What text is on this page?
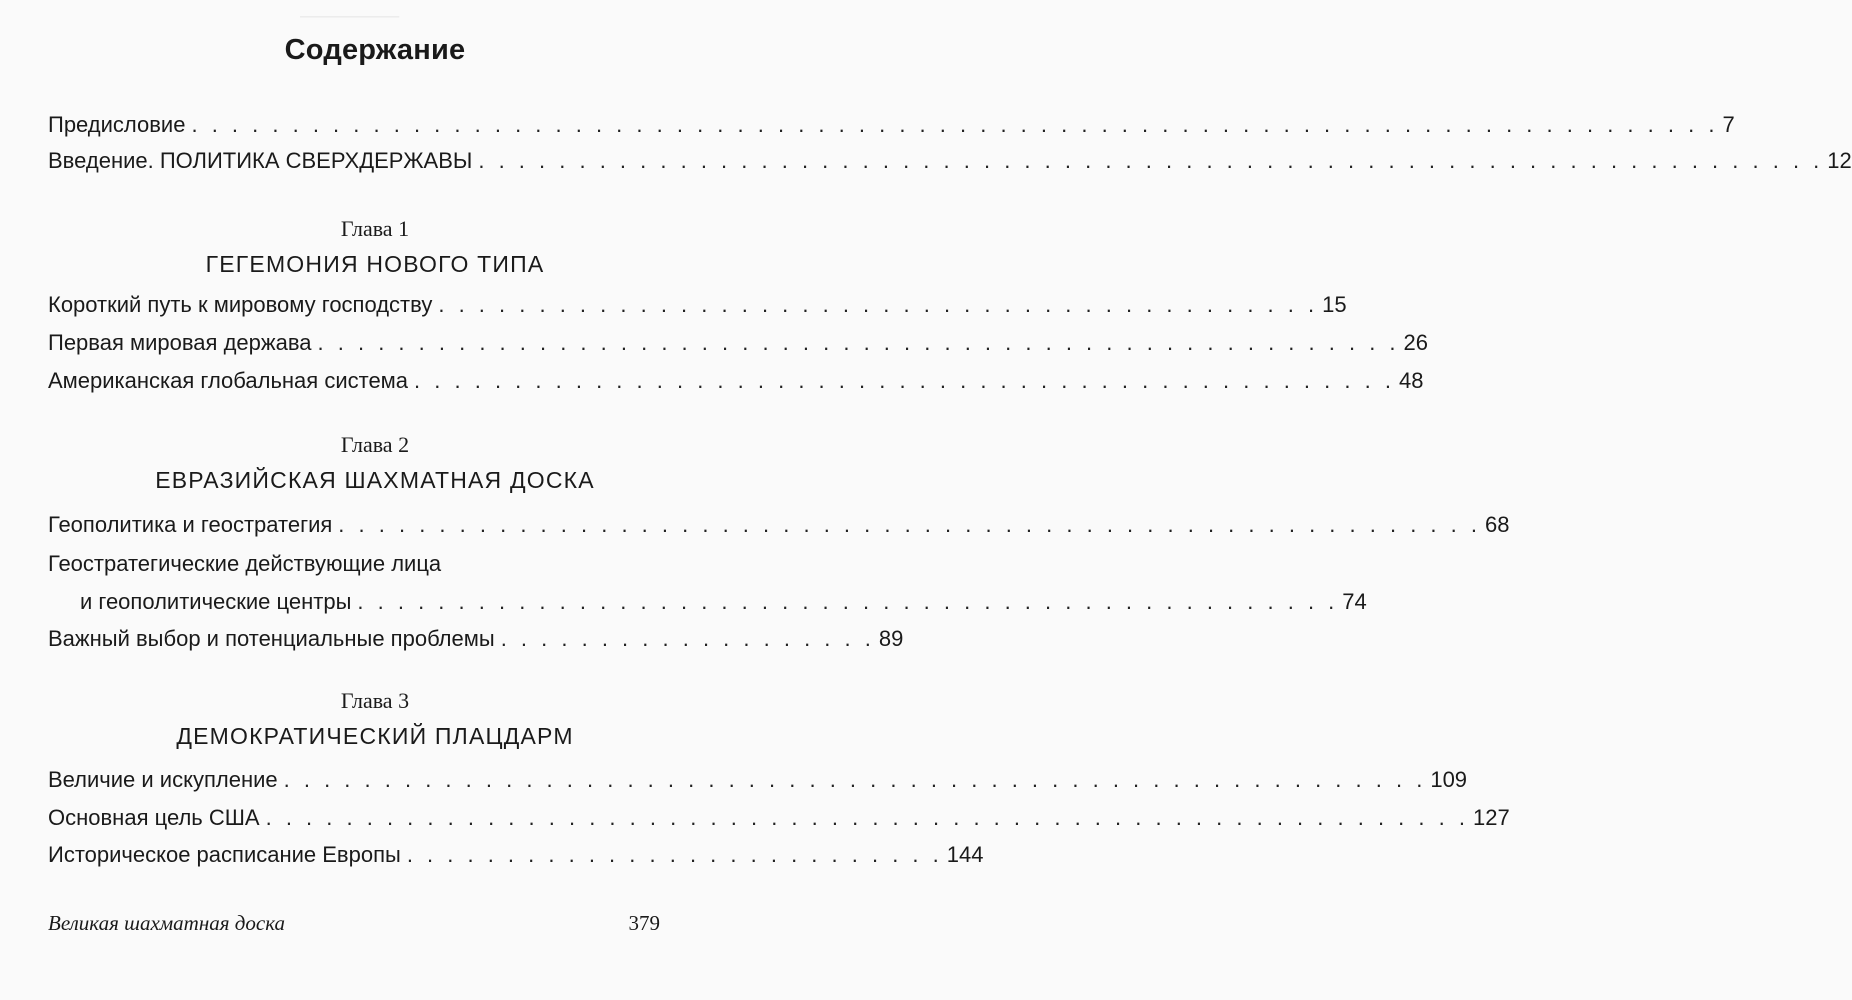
───────
Содержание
Предисловие . . . . . . . . . . . . . . . . . . . . . . . . . . . . . . . . . . . . . . . . . . . . . . . . . . . . . . . . . . . . . . . . . . . . . . . . . . . . 7
Введение. ПОЛИТИКА СВЕРХДЕРЖАВЫ . . . . . . . . . . . . . . . . . . . . . . . . . . . . . . . . . . . . . . . . . . . . . . . . . . . . . . . . . . . . . . . . . . . 12
Глава 1
ГЕГЕМОНИЯ НОВОГО ТИПА
Короткий путь к мировому господству . . . . . . . . . . . . . . . . . . . . . . . . . . . . . . . . . . . . . . . . . . . . 15
Первая мировая держава . . . . . . . . . . . . . . . . . . . . . . . . . . . . . . . . . . . . . . . . . . . . . . . . . . . . . . 26
Американская глобальная система . . . . . . . . . . . . . . . . . . . . . . . . . . . . . . . . . . . . . . . . . . . . . . . . . 48
Глава 2
ЕВРАЗИЙСКАЯ ШАХМАТНАЯ ДОСКА
Геополитика и геостратегия . . . . . . . . . . . . . . . . . . . . . . . . . . . . . . . . . . . . . . . . . . . . . . . . . . . . . . . . . 68
Геостратегические действующие лица
и геополитические центры . . . . . . . . . . . . . . . . . . . . . . . . . . . . . . . . . . . . . . . . . . . . . . . . . 74
Важный выбор и потенциальные проблемы . . . . . . . . . . . . . . . . . . . 89
Глава 3
ДЕМОКРАТИЧЕСКИЙ ПЛАЦДАРМ
Величие и искупление . . . . . . . . . . . . . . . . . . . . . . . . . . . . . . . . . . . . . . . . . . . . . . . . . . . . . . . . . 109
Основная цель США . . . . . . . . . . . . . . . . . . . . . . . . . . . . . . . . . . . . . . . . . . . . . . . . . . . . . . . . . . . . 127
Историческое расписание Европы . . . . . . . . . . . . . . . . . . . . . . . . . . . 144
Великая шахматная доска	379
